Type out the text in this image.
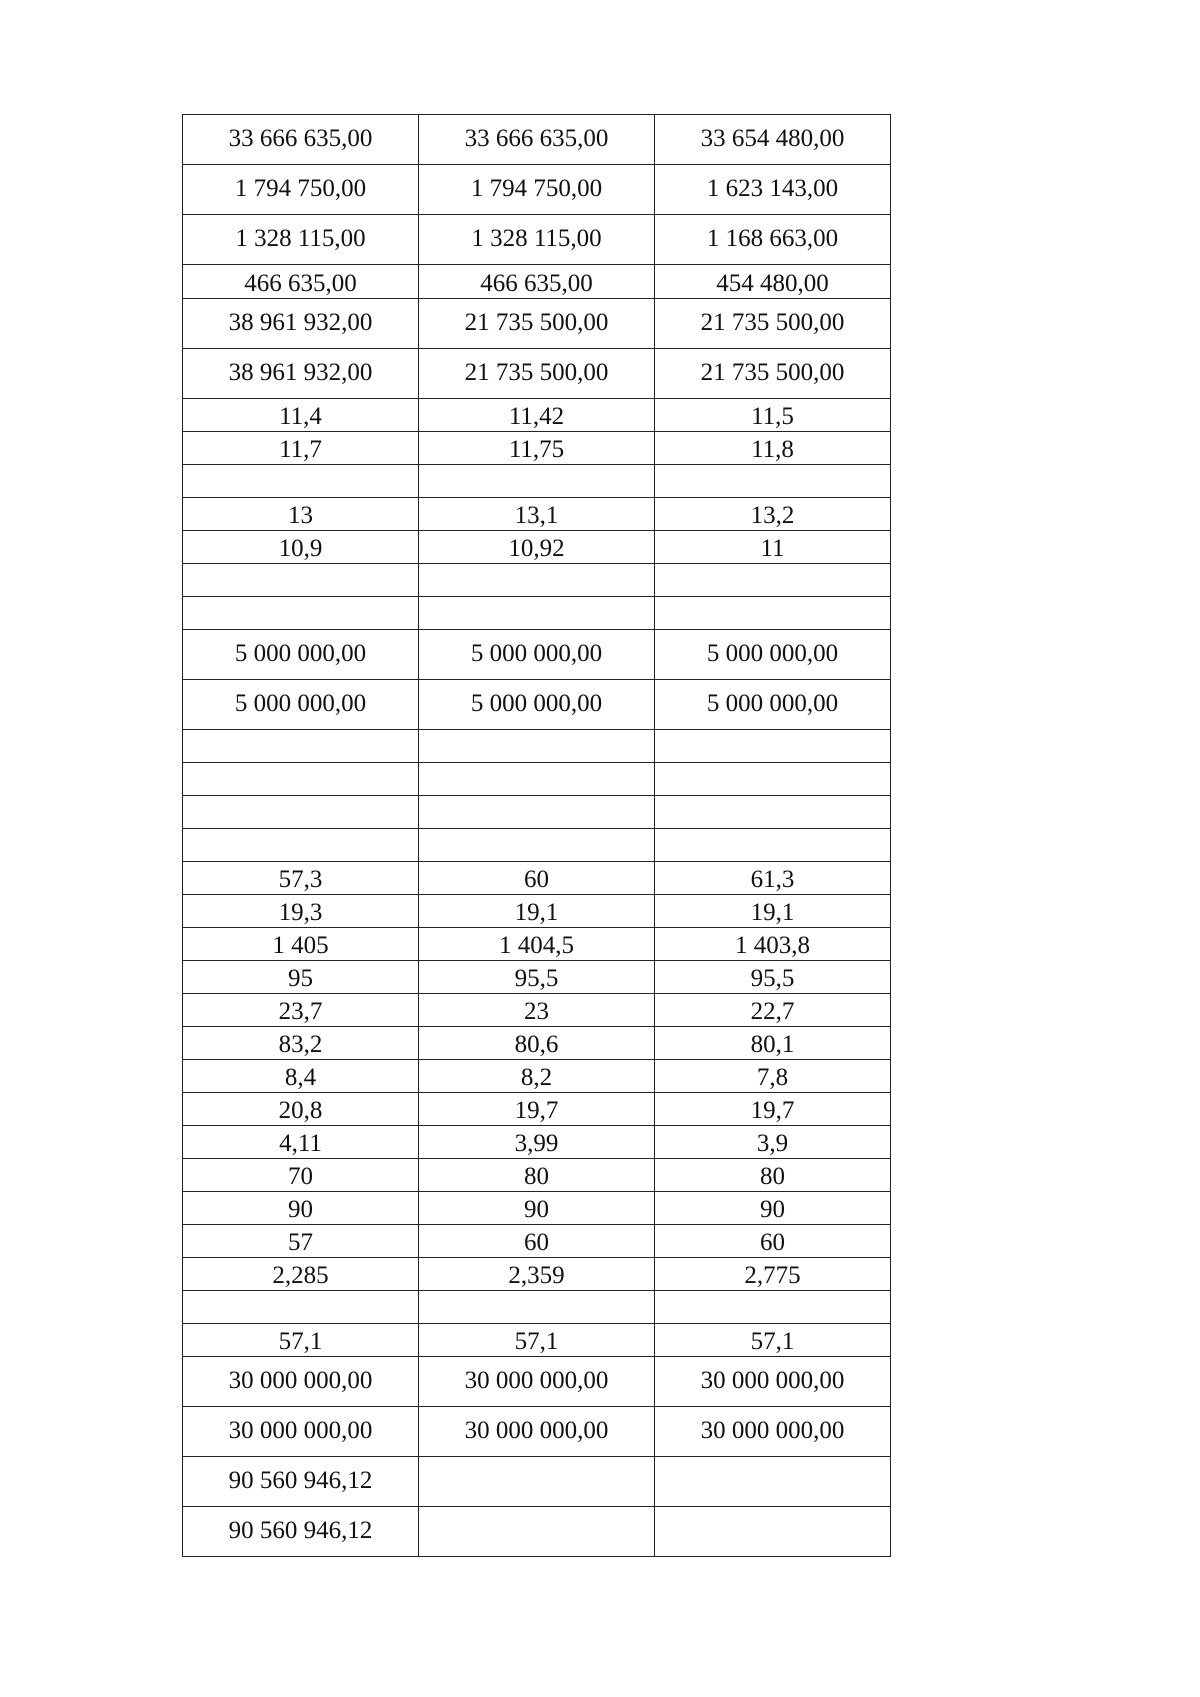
33 666 635,00	33 666 635,00	33 654 480,00
1 794 750,00	1 794 750,00	1 623 143,00
1 328 115,00	1 328 115,00	1 168 663,00
466 635,00	466 635,00	454 480,00
38 961 932,00	21 735 500,00	21 735 500,00
38 961 932,00	21 735 500,00	21 735 500,00
11,4	11,42	11,5
11,7	11,75	11,8

13	13,1	13,2
10,9	10,92	11

5 000 000,00	5 000 000,00	5 000 000,00
5 000 000,00	5 000 000,00	5 000 000,00

57,3	60	61,3
19,3	19,1	19,1
1 405	1 404,5	1 403,8
95	95,5	95,5
23,7	23	22,7
83,2	80,6	80,1
8,4	8,2	7,8
20,8	19,7	19,7
4,11	3,99	3,9
70	80	80
90	90	90
57	60	60
2,285	2,359	2,775

57,1	57,1	57,1
30 000 000,00	30 000 000,00	30 000 000,00
30 000 000,00	30 000 000,00	30 000 000,00
90 560 946,12		
90 560 946,12		
